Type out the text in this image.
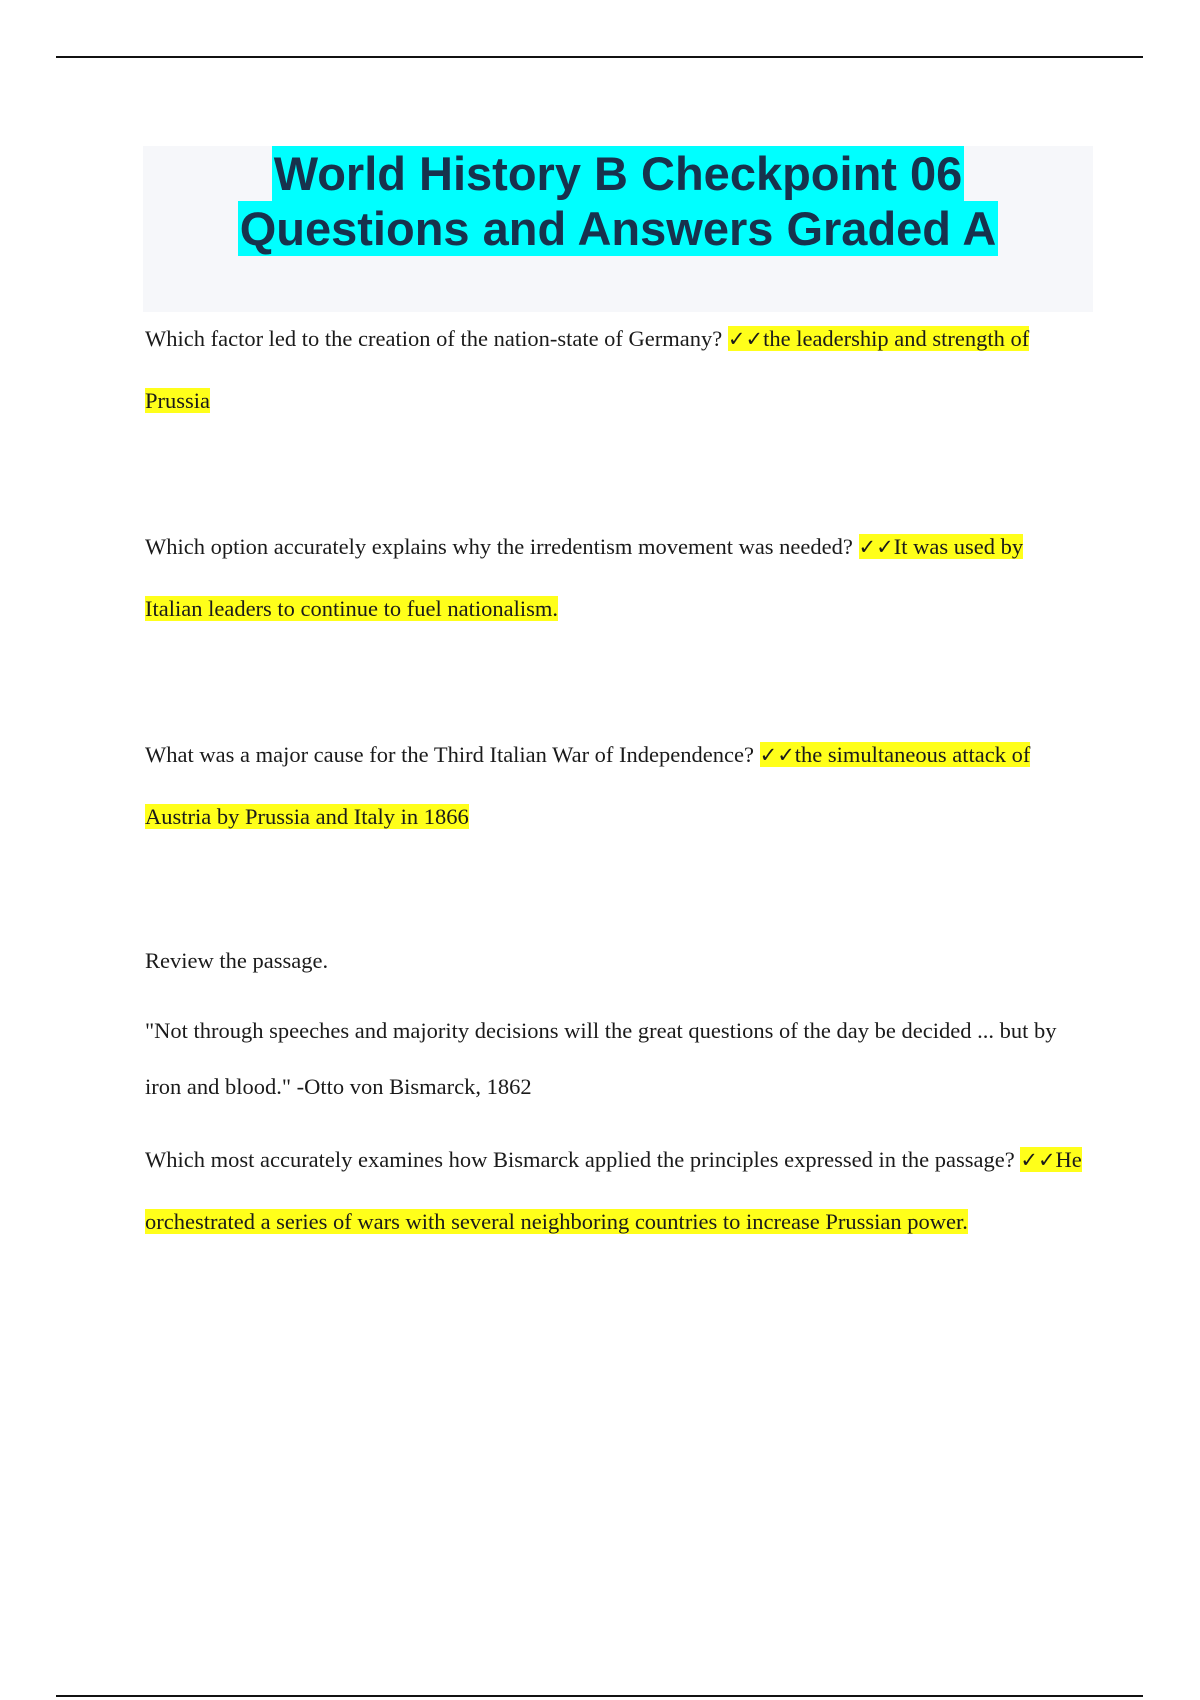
World History B Checkpoint 06
Questions and Answers Graded A

Which factor led to the creation of the nation-state of Germany? ✓✓the leadership and strength of Prussia

Which option accurately explains why the irredentism movement was needed? ✓✓It was used by Italian leaders to continue to fuel nationalism.

What was a major cause for the Third Italian War of Independence? ✓✓the simultaneous attack of Austria by Prussia and Italy in 1866

Review the passage.

"Not through speeches and majority decisions will the great questions of the day be decided ... but by iron and blood." -Otto von Bismarck, 1862

Which most accurately examines how Bismarck applied the principles expressed in the passage? ✓✓He orchestrated a series of wars with several neighboring countries to increase Prussian power.
